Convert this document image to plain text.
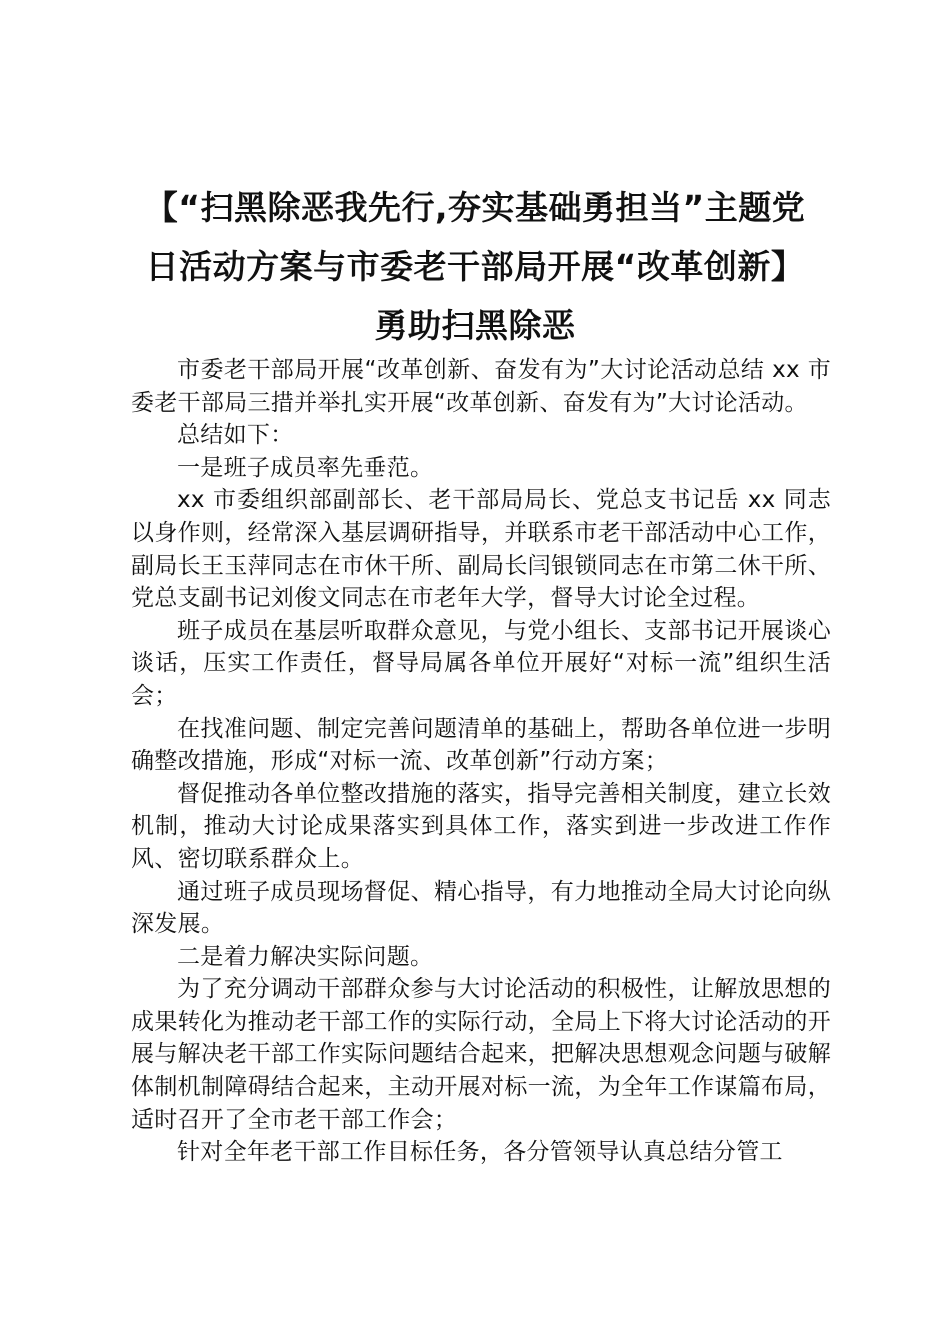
【“扫黑除恶我先行,夯实基础勇担当”主题党
日活动方案与市委老干部局开展“改革创新】
勇助扫黑除恶

市委老干部局开展“改革创新、奋发有为”大讨论活动总结 xx 市委老干部局三措并举扎实开展“改革创新、奋发有为”大讨论活动。

总结如下：

一是班子成员率先垂范。

xx 市委组织部副部长、老干部局局长、党总支书记岳 xx 同志以身作则，经常深入基层调研指导，并联系市老干部活动中心工作，副局长王玉萍同志在市休干所、副局长闫银锁同志在市第二休干所、党总支副书记刘俊文同志在市老年大学，督导大讨论全过程。

班子成员在基层听取群众意见，与党小组长、支部书记开展谈心谈话，压实工作责任，督导局属各单位开展好“对标一流”组织生活会；

在找准问题、制定完善问题清单的基础上，帮助各单位进一步明确整改措施，形成“对标一流、改革创新”行动方案；

督促推动各单位整改措施的落实，指导完善相关制度，建立长效机制，推动大讨论成果落实到具体工作，落实到进一步改进工作作风、密切联系群众上。

通过班子成员现场督促、精心指导，有力地推动全局大讨论向纵深发展。

二是着力解决实际问题。

为了充分调动干部群众参与大讨论活动的积极性，让解放思想的成果转化为推动老干部工作的实际行动，全局上下将大讨论活动的开展与解决老干部工作实际问题结合起来，把解决思想观念问题与破解体制机制障碍结合起来，主动开展对标一流，为全年工作谋篇布局，适时召开了全市老干部工作会；

针对全年老干部工作目标任务，各分管领导认真总结分管工
